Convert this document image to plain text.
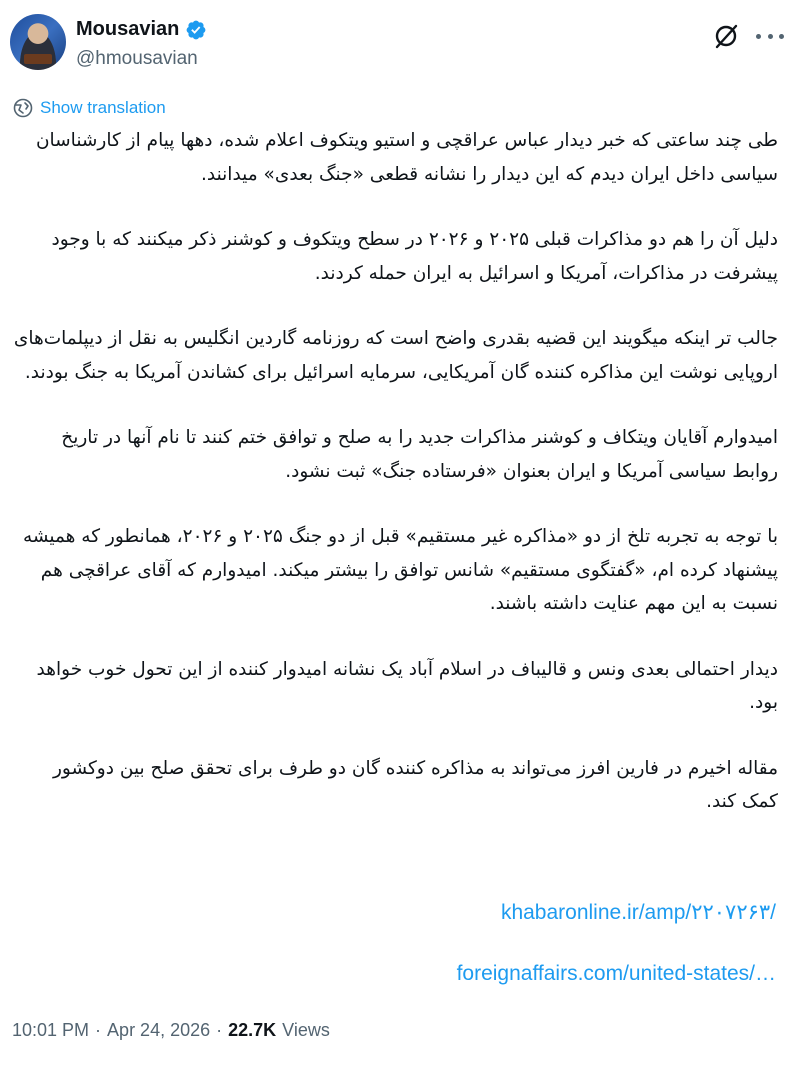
Mousavian
@hmousavian
Show translation

طی چند ساعتی که خبر دیدار عباس عراقچی و استیو ویتکوف اعلام شده، دهها پیام از کارشناسان سیاسی داخل ایران دیدم که این دیدار را نشانه قطعی «جنگ بعدی» میدانند.

دلیل آن را هم دو مذاکرات قبلی ۲۰۲۵ و ۲۰۲۶ در سطح ویتکوف و کوشنر ذکر میکنند که با وجود پیشرفت در مذاکرات، آمریکا و اسرائیل به ایران حمله کردند.

جالب تر اینکه میگویند این قضیه بقدری واضح است که روزنامه گاردین انگلیس به نقل از دیپلمات‌های اروپایی نوشت این مذاکره کننده گان آمریکایی، سرمایه اسرائیل برای کشاندن آمریکا به جنگ بودند.

امیدوارم آقایان ویتکاف و کوشنر مذاکرات جدید را به صلح و توافق ختم کنند تا نام آنها در تاریخ روابط سیاسی آمریکا و ایران بعنوان «فرستاده جنگ» ثبت نشود.

با توجه به تجربه تلخ از دو «مذاکره غیر مستقیم» قبل از دو جنگ ۲۰۲۵ و ۲۰۲۶، همانطور که همیشه پیشنهاد کرده ام، «گفتگوی مستقیم» شانس توافق را بیشتر میکند. امیدوارم که آقای عراقچی هم نسبت به این مهم عنایت داشته باشند.

دیدار احتمالی بعدی ونس و قالیباف در اسلام آباد یک نشانه امیدوار کننده از این تحول خوب خواهد بود.

مقاله اخیرم در فارین افرز می‌تواند به مذاکره کننده گان دو طرف برای تحقق صلح بین دوکشور کمک کند.

khabaronline.ir/amp/۲۲۰۷۲۶۳/
foreignaffairs.com/united-states/…
10:01 PM · Apr 24, 2026 · 22.7K Views
